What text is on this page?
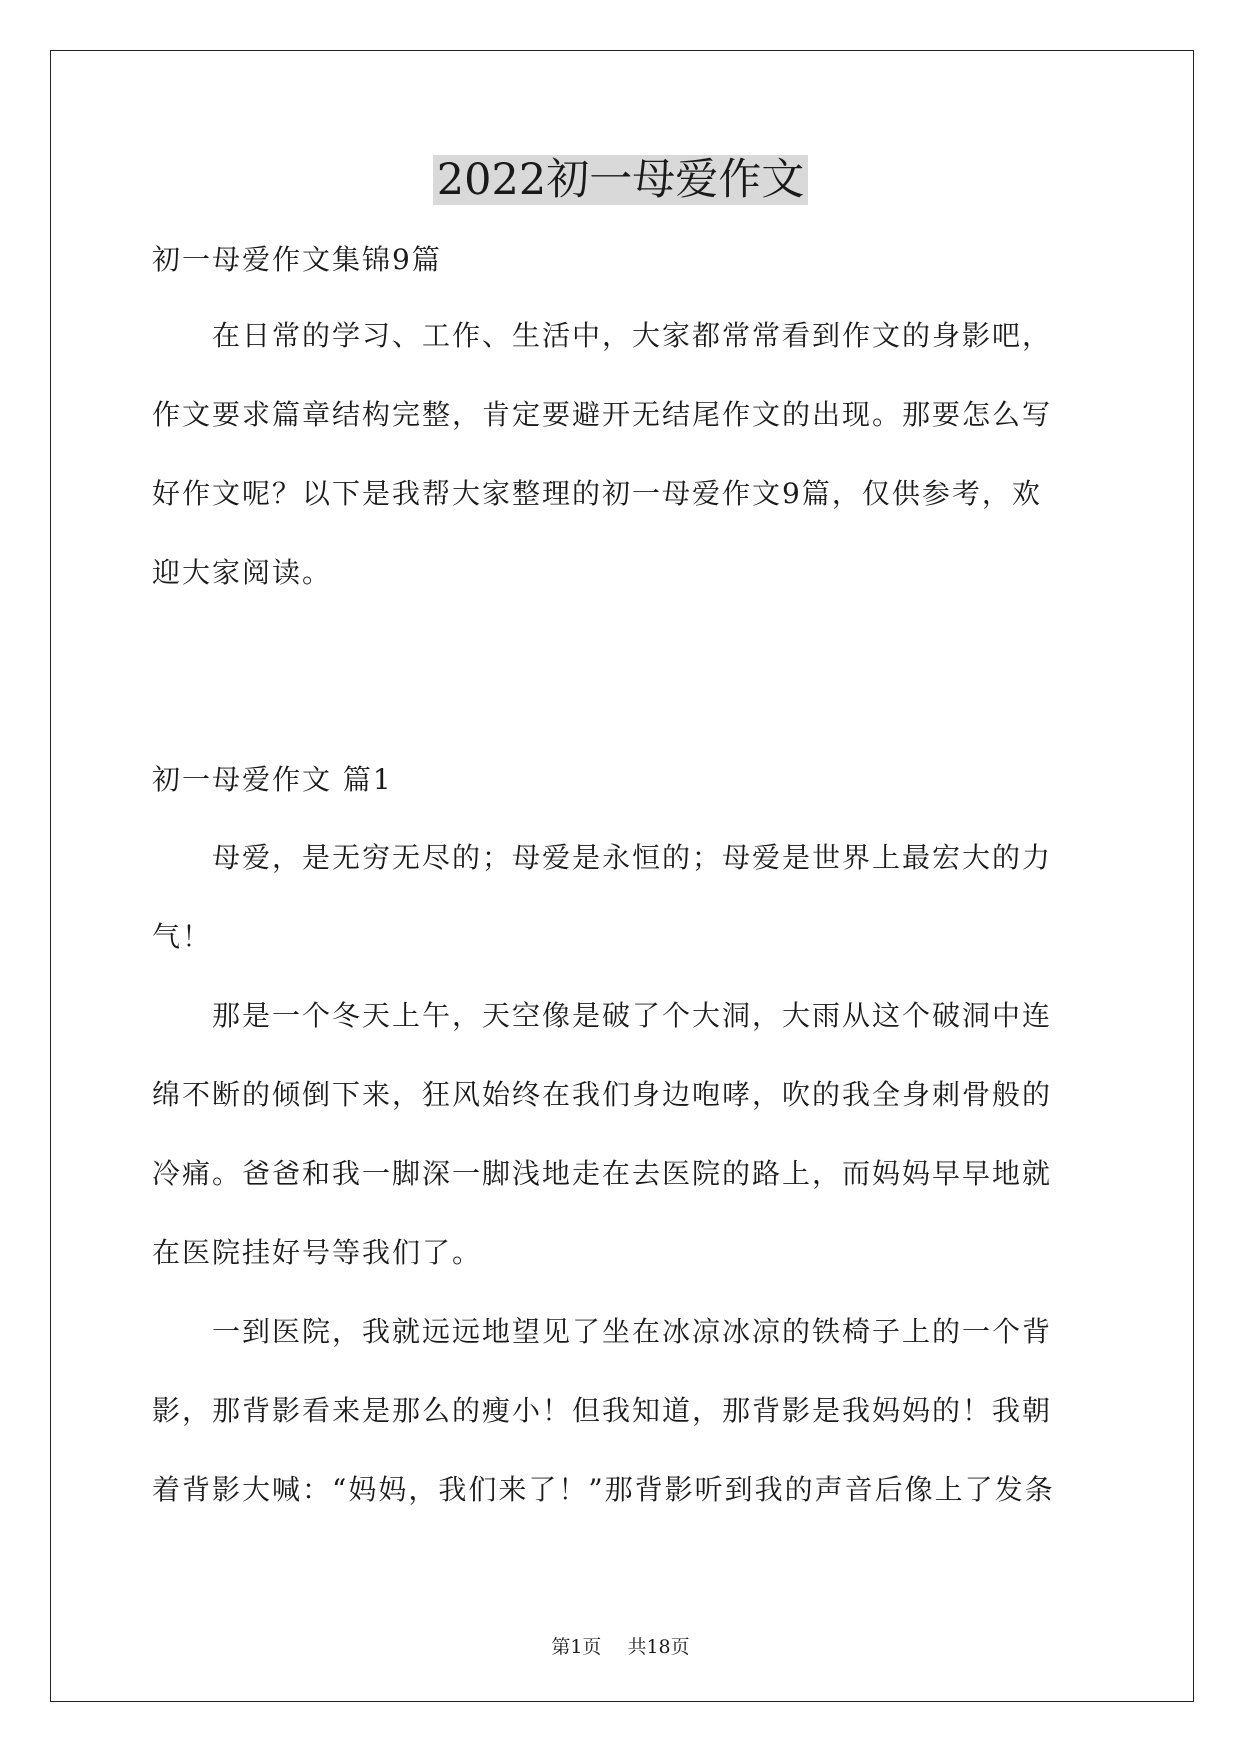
2022初一母爱作文
初一母爱作文集锦9篇
　　在日常的学习、工作、生活中，大家都常常看到作文的身影吧，
作文要求篇章结构完整，肯定要避开无结尾作文的出现。那要怎么写
好作文呢？以下是我帮大家整理的初一母爱作文9篇，仅供参考，欢
迎大家阅读。
初一母爱作文 篇1
　　母爱，是无穷无尽的；母爱是永恒的；母爱是世界上最宏大的力
气！
　　那是一个冬天上午，天空像是破了个大洞，大雨从这个破洞中连
绵不断的倾倒下来，狂风始终在我们身边咆哮，吹的我全身刺骨般的
冷痛。爸爸和我一脚深一脚浅地走在去医院的路上，而妈妈早早地就
在医院挂好号等我们了。
　　一到医院，我就远远地望见了坐在冰凉冰凉的铁椅子上的一个背
影，那背影看来是那么的瘦小！但我知道，那背影是我妈妈的！我朝
着背影大喊：“妈妈，我们来了！”那背影听到我的声音后像上了发条
第1页 共18页
